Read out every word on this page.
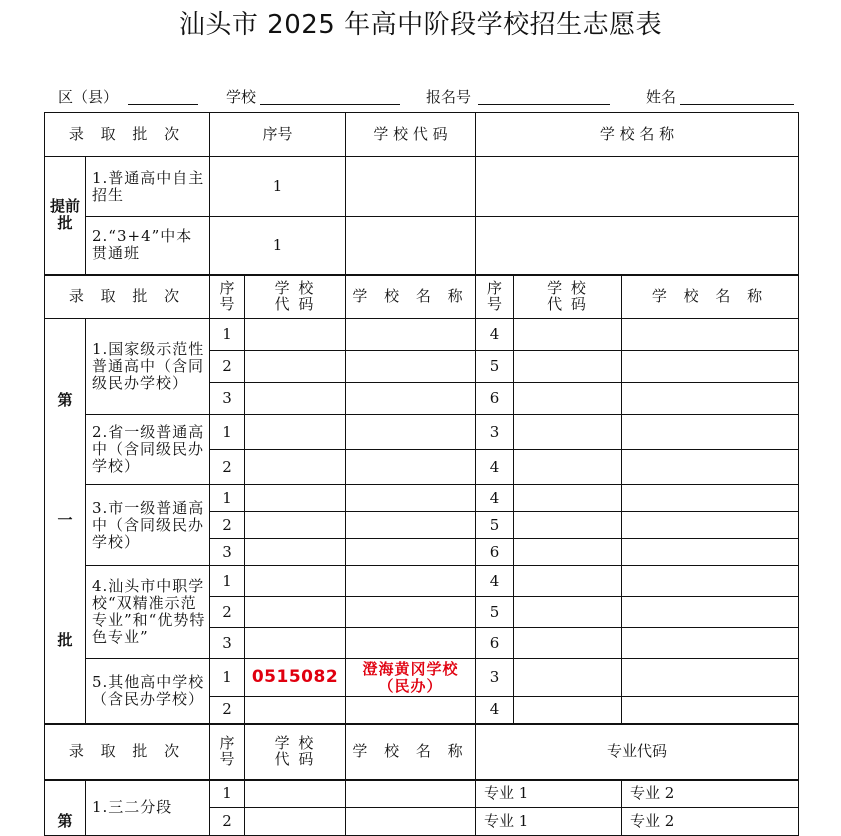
汕头市 2025 年高中阶段学校招生志愿表
区（县）	学校	报名号	姓名
录 取 批 次		序号		学 校 代 码	学 校 名 称		
提前批	1.普通高中自主招生	1					
	2.“3+4”中本贯通班	1					
录 取 批 次		序号	学 校 代 码	学 校 名 称	序号	学 校 代 码	学 校 名 称

第
一
批	1.国家级示范性普通高中（含同级民办学校）	1			4		
		2			5		
		3			6		
	2.省一级普通高中（含同级民办学校）	1			3		
		2			4		
	3.市一级普通高中（含同级民办学校）	1			4		
		2			5		
		3			6		
	4.汕头市中职学校“双精准示范专业”和“优势特色专业”	1			4		
		2			5		
		3			6		
	5.其他高中学校（含民办学校）	1	0515082	澄海黄冈学校（民办）	3		
		2			4		
录 取 批 次		序号	学 校 代 码	学 校 名 称	专业代码		
第	1.三二分段	1			专业 1		专业 2
		2			专业 1		专业 2
